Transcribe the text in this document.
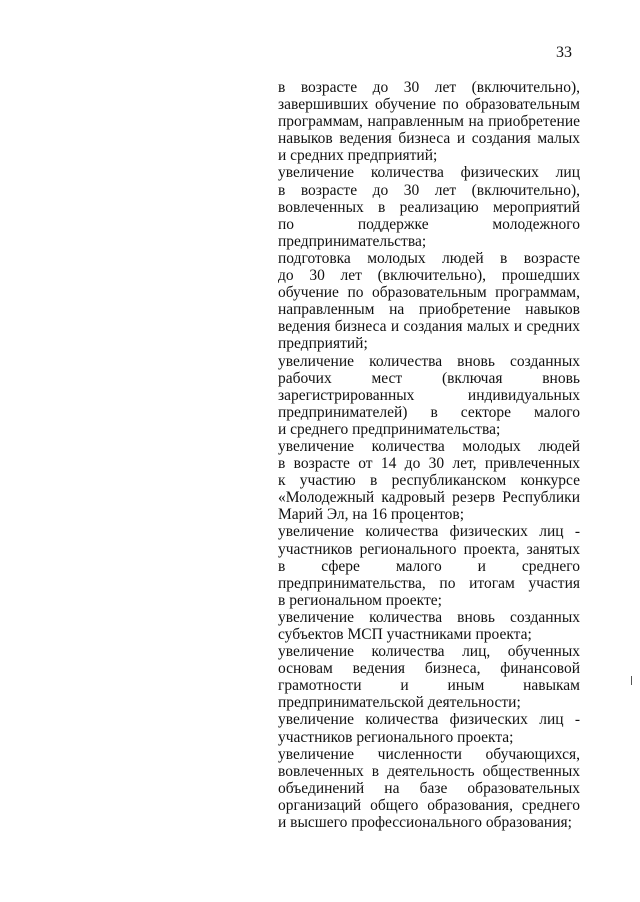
33
в возрасте до 30 лет (включительно),
завершивших обучение по образовательным
программам, направленным на приобретение
навыков ведения бизнеса и создания малых
и средних предприятий;
увеличение количества физических лиц
в возрасте до 30 лет (включительно),
вовлеченных в реализацию мероприятий
по поддержке молодежного
предпринимательства;
подготовка молодых людей в возрасте
до 30 лет (включительно), прошедших
обучение по образовательным программам,
направленным на приобретение навыков
ведения бизнеса и создания малых и средних
предприятий;
увеличение количества вновь созданных
рабочих мест (включая вновь
зарегистрированных индивидуальных
предпринимателей) в секторе малого
и среднего предпринимательства;
увеличение количества молодых людей
в возрасте от 14 до 30 лет, привлеченных
к участию в республиканском конкурсе
«Молодежный кадровый резерв Республики
Марий Эл, на 16 процентов;
увеличение количества физических лиц -
участников регионального проекта, занятых
в сфере малого и среднего
предпринимательства, по итогам участия
в региональном проекте;
увеличение количества вновь созданных
субъектов МСП участниками проекта;
увеличение количества лиц, обученных
основам ведения бизнеса, финансовой
грамотности и иным навыкам
предпринимательской деятельности;
увеличение количества физических лиц -
участников регионального проекта;
увеличение численности обучающихся,
вовлеченных в деятельность общественных
объединений на базе образовательных
организаций общего образования, среднего
и высшего профессионального образования;
